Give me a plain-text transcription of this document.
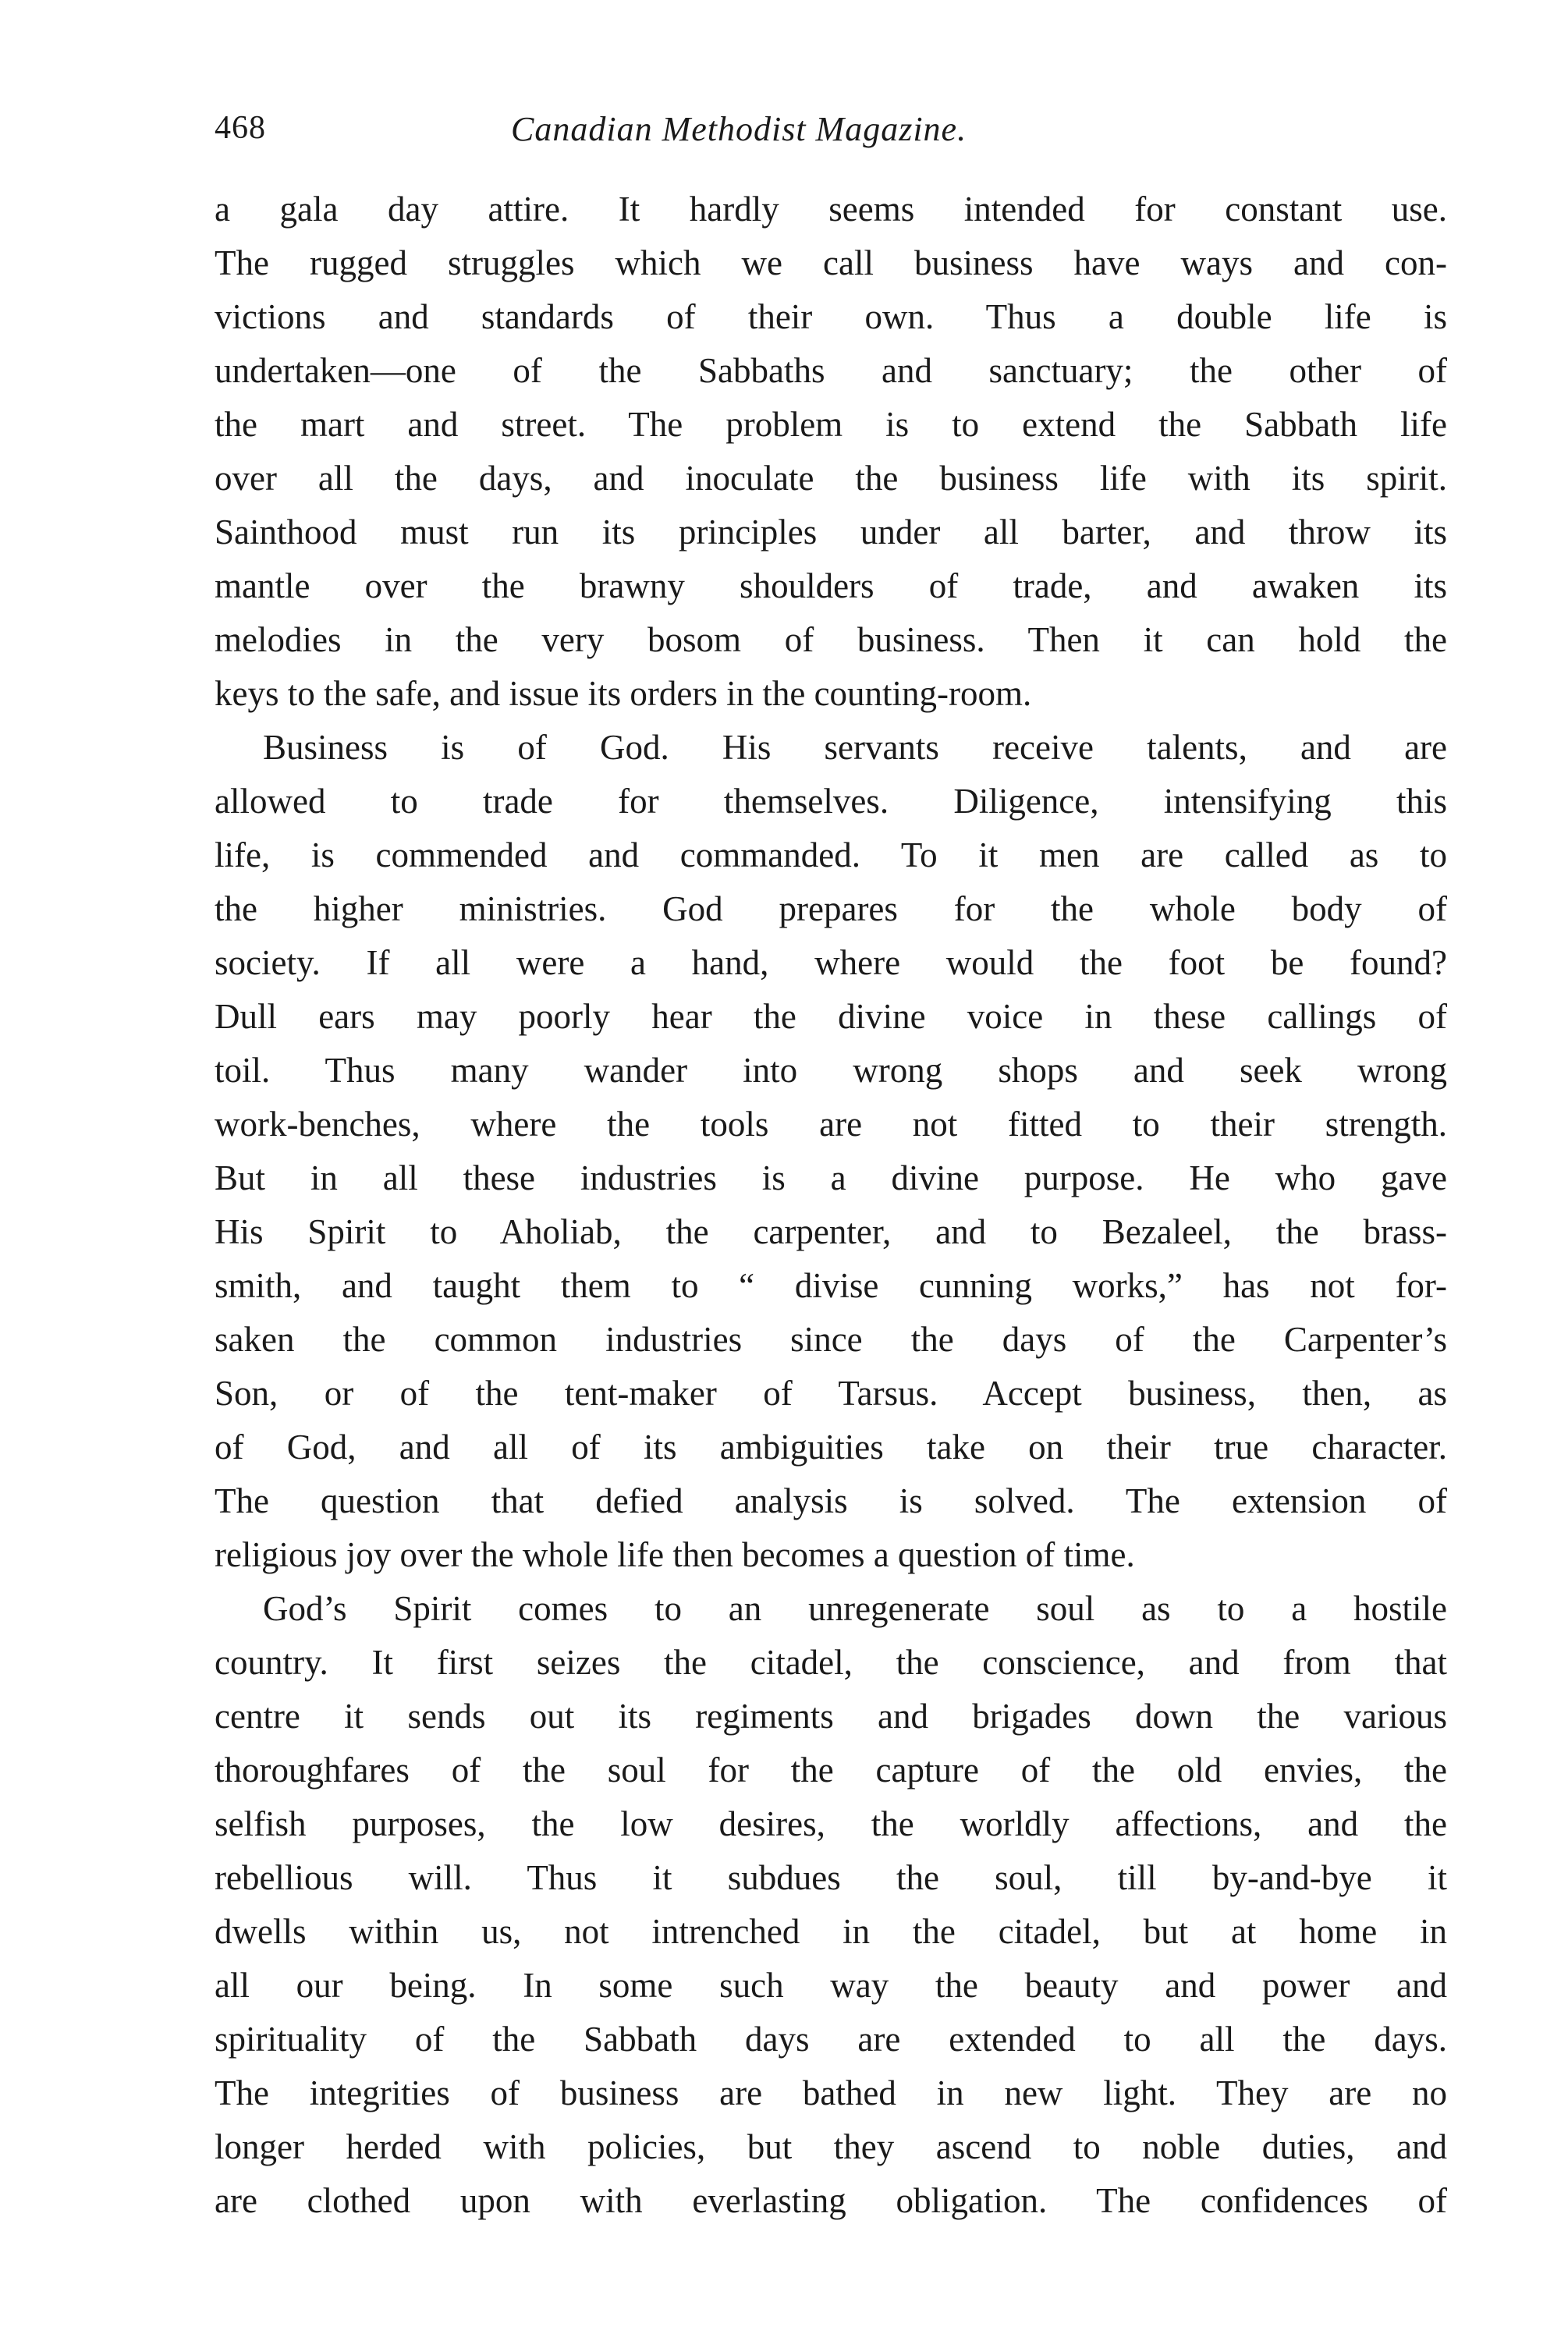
468	Canadian Methodist Magazine.
a gala day attire. It hardly seems intended for constant use.
The rugged struggles which we call business have ways and con-
victions and standards of their own. Thus a double life is
undertaken—one of the Sabbaths and sanctuary; the other of
the mart and street. The problem is to extend the Sabbath life
over all the days, and inoculate the business life with its spirit.
Sainthood must run its principles under all barter, and throw its
mantle over the brawny shoulders of trade, and awaken its
melodies in the very bosom of business. Then it can hold the
keys to the safe, and issue its orders in the counting-room.
Business is of God. His servants receive talents, and are
allowed to trade for themselves. Diligence, intensifying this
life, is commended and commanded. To it men are called as to
the higher ministries. God prepares for the whole body of
society. If all were a hand, where would the foot be found?
Dull ears may poorly hear the divine voice in these callings of
toil. Thus many wander into wrong shops and seek wrong
work-benches, where the tools are not fitted to their strength.
But in all these industries is a divine purpose. He who gave
His Spirit to Aholiab, the carpenter, and to Bezaleel, the brass-
smith, and taught them to “ divise cunning works,” has not for-
saken the common industries since the days of the Carpenter’s
Son, or of the tent-maker of Tarsus. Accept business, then, as
of God, and all of its ambiguities take on their true character.
The question that defied analysis is solved. The extension of
religious joy over the whole life then becomes a question of time.
God’s Spirit comes to an unregenerate soul as to a hostile
country. It first seizes the citadel, the conscience, and from that
centre it sends out its regiments and brigades down the various
thoroughfares of the soul for the capture of the old envies, the
selfish purposes, the low desires, the worldly affections, and the
rebellious will. Thus it subdues the soul, till by-and-bye it
dwells within us, not intrenched in the citadel, but at home in
all our being. In some such way the beauty and power and
spirituality of the Sabbath days are extended to all the days.
The integrities of business are bathed in new light. They are no
longer herded with policies, but they ascend to noble duties, and
are clothed upon with everlasting obligation. The confidences of
